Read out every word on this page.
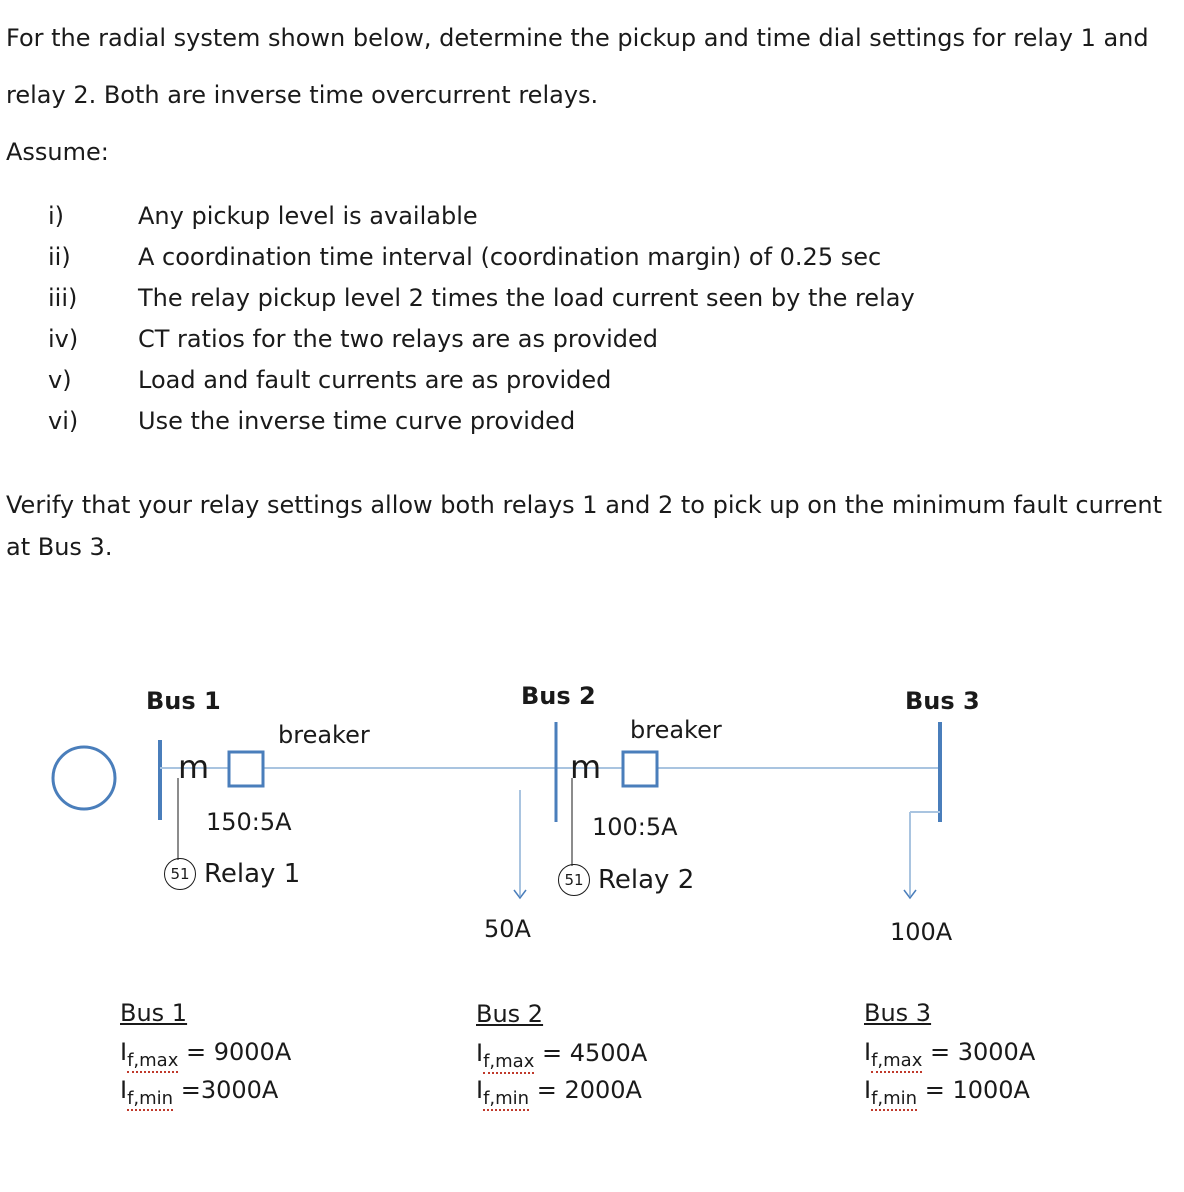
For the radial system shown below, determine the pickup and time dial settings for relay 1 and
relay 2. Both are inverse time overcurrent relays.
Assume:
i)	Any pickup level is available
ii)	A coordination time interval (coordination margin) of 0.25 sec
iii)	The relay pickup level 2 times the load current seen by the relay
iv) CT ratios for the two relays are as provided
v)	Load and fault currents are as provided
vi) Use the inverse time curve provided
Verify that your relay settings allow both relays 1 and 2 to pick up on the minimum fault current
at Bus 3.
Bus 1	Bus 2	Bus 3
breaker	breaker
m	m
150:5A	100:5A
51 Relay 1	51 Relay 2
50A	100A
Bus 1
$I_{f,max} = 9000A$
$I_{f,min} =3000A$
Bus 2
$I_{f,max} = 4500A$
$I_{f,min} = 2000A$
Bus 3
$I_{f,max} = 3000A$
$I_{f,min} = 1000A$
